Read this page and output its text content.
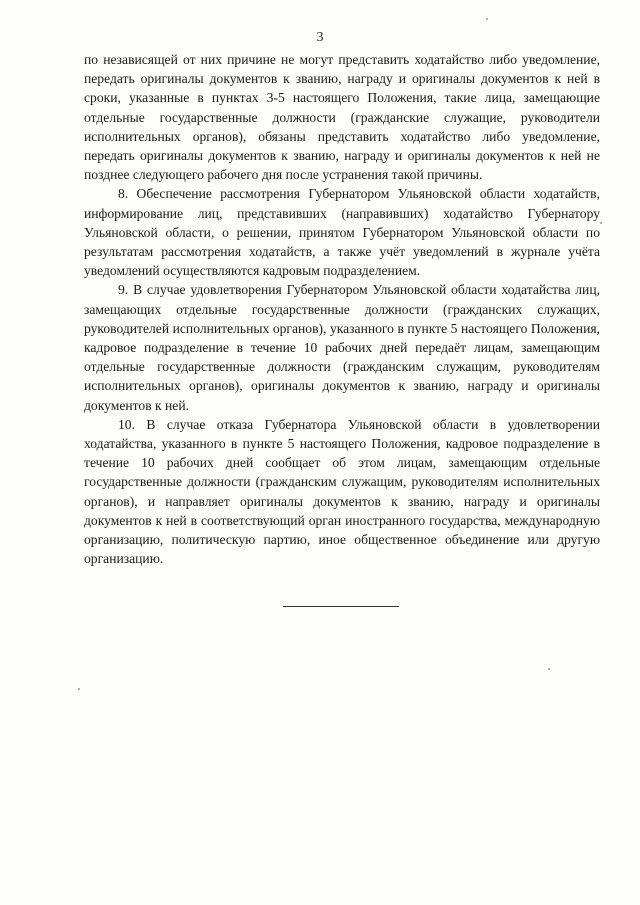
3

по независящей от них причине не могут представить ходатайство либо уведомление, передать оригиналы документов к званию, награду и оригиналы документов к ней в сроки, указанные в пунктах 3-5 настоящего Положения, такие лица, замещающие отдельные государственные должности (гражданские служащие, руководители исполнительных органов), обязаны представить ходатайство либо уведомление, передать оригиналы документов к званию, награду и оригиналы документов к ней не позднее следующего рабочего дня после устранения такой причины.

8. Обеспечение рассмотрения Губернатором Ульяновской области ходатайств, информирование лиц, представивших (направивших) ходатайство Губернатору Ульяновской области, о решении, принятом Губернатором Ульяновской области по результатам рассмотрения ходатайств, а также учёт уведомлений в журнале учёта уведомлений осуществляются кадровым подразделением.

9. В случае удовлетворения Губернатором Ульяновской области ходатайства лиц, замещающих отдельные государственные должности (гражданских служащих, руководителей исполнительных органов), указанного в пункте 5 настоящего Положения, кадровое подразделение в течение 10 рабочих дней передаёт лицам, замещающим отдельные государственные должности (гражданским служащим, руководителям исполнительных органов), оригиналы документов к званию, награду и оригиналы документов к ней.

10. В случае отказа Губернатора Ульяновской области в удовлетворении ходатайства, указанного в пункте 5 настоящего Положения, кадровое подразделение в течение 10 рабочих дней сообщает об этом лицам, замещающим отдельные государственные должности (гражданским служащим, руководителям исполнительных органов), и направляет оригиналы документов к званию, награду и оригиналы документов к ней в соответствующий орган иностранного государства, международную организацию, политическую партию, иное общественное объединение или другую организацию.
